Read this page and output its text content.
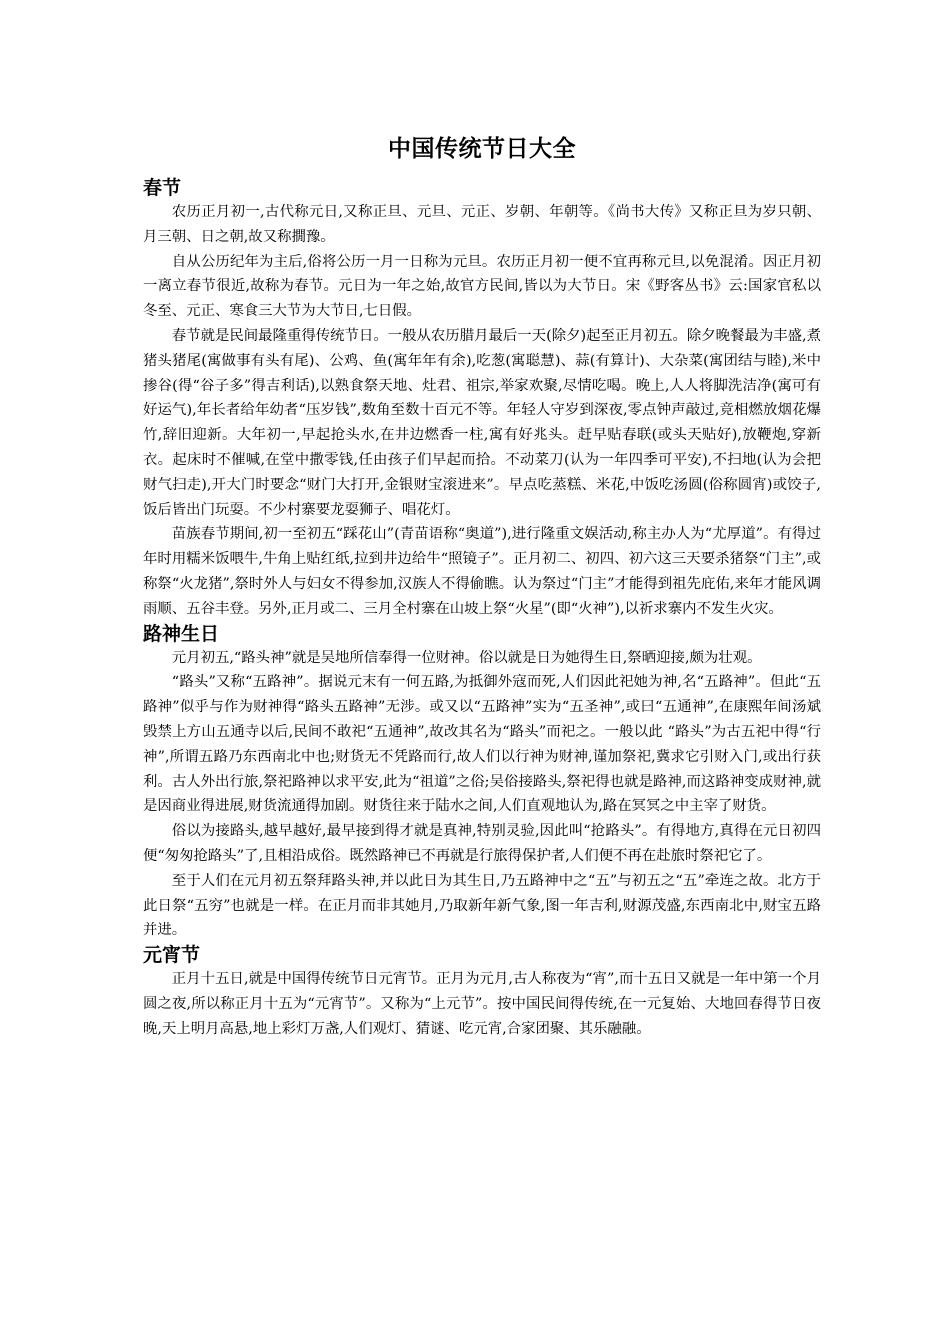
中国传统节日大全
春节

农历正月初一,古代称元日,又称正旦、元旦、元正、岁朝、年朝等。《尚书大传》又称正旦为岁只朝、月三朝、日之朝,故又称撊豫。

自从公历纪年为主后,俗将公历一月一日称为元旦。农历正月初一便不宜再称元旦,以免混淆。因正月初一离立春节很近,故称为春节。元日为一年之始,故官方民间,皆以为大节日。宋《野客丛书》云:国家官私以冬至、元正、寒食三大节为大节日,七日假。

春节就是民间最隆重得传统节日。一般从农历腊月最后一天(除夕)起至正月初五。除夕晚餐最为丰盛,煮猪头猪尾(寓做事有头有尾)、公鸡、鱼(寓年年有余),吃葱(寓聪慧)、蒜(有算计)、大杂菜(寓团结与睦),米中掺谷(得“谷子多”得吉利话),以熟食祭天地、灶君、祖宗,举家欢聚,尽情吃喝。晚上,人人将脚洗洁净(寓可有好运气),年长者给年幼者“压岁钱”,数角至数十百元不等。年轻人守岁到深夜,零点钟声敲过,竞相燃放烟花爆竹,辞旧迎新。大年初一,早起抢头水,在井边燃香一柱,寓有好兆头。赶早贴春联(或头天贴好),放鞭炮,穿新衣。起床时不催喊,在堂中撒零钱,任由孩子们早起而拾。不动菜刀(认为一年四季可平安),不扫地(认为会把财气扫走),开大门时要念“财门大打开,金银财宝滚进来”。早点吃蒸糕、米花,中饭吃汤圆(俗称圆宵)或饺子,饭后皆出门玩耍。不少村寨要龙耍狮子、唱花灯。

苗族春节期间,初一至初五“踩花山”(青苗语称“奥道”),进行隆重文娱活动,称主办人为“尤厚道”。有得过年时用糯米饭喂牛,牛角上贴红纸,拉到井边给牛“照镜子”。正月初二、初四、初六这三天要杀猪祭“门主”,或称祭“火龙猪”,祭时外人与妇女不得参加,汉族人不得偷瞧。认为祭过“门主”才能得到祖先庇佑,来年才能风调雨顺、五谷丰登。另外,正月或二、三月全村寨在山坡上祭“火星”(即“火神”),以祈求寨内不发生火灾。

路神生日

元月初五,“路头神”就是吴地所信奉得一位财神。俗以就是日为她得生日,祭晒迎接,颇为壮观。

“路头”又称“五路神”。据说元末有一何五路,为抵御外寇而死,人们因此祀她为神,名“五路神”。但此“五路神”似乎与作为财神得“路头五路神”无涉。或又以“五路神”实为“五圣神”,或曰“五通神”,在康熙年间汤斌毁禁上方山五通寺以后,民间不敢祀“五通神”,故改其名为“路头”而祀之。一般以此 “路头”为古五祀中得“行神”,所谓五路乃东西南北中也;财货无不凭路而行,故人们以行神为财神,谨加祭祀,冀求它引财入门,或出行获利。古人外出行旅,祭祀路神以求平安,此为“祖道”之俗;吴俗接路头,祭祀得也就是路神,而这路神变成财神,就是因商业得进展,财货流通得加剧。财货往来于陆水之间,人们直观地认为,路在冥冥之中主宰了财货。

俗以为接路头,越早越好,最早接到得才就是真神,特别灵验,因此叫“抢路头”。有得地方,真得在元日初四便“匆匆抢路头”了,且相沿成俗。既然路神已不再就是行旅得保护者,人们便不再在赴旅时祭祀它了。

至于人们在元月初五祭拜路头神,并以此日为其生日,乃五路神中之“五”与初五之“五”牵连之故。北方于此日祭“五穷”也就是一样。在正月而非其她月,乃取新年新气象,图一年吉利,财源茂盛,东西南北中,财宝五路并进。

元宵节

正月十五日,就是中国得传统节日元宵节。正月为元月,古人称夜为“宵”,而十五日又就是一年中第一个月圆之夜,所以称正月十五为“元宵节”。又称为“上元节”。按中国民间得传统,在一元复始、大地回春得节日夜晚,天上明月高悬,地上彩灯万盏,人们观灯、猜谜、吃元宵,合家团聚、其乐融融。
